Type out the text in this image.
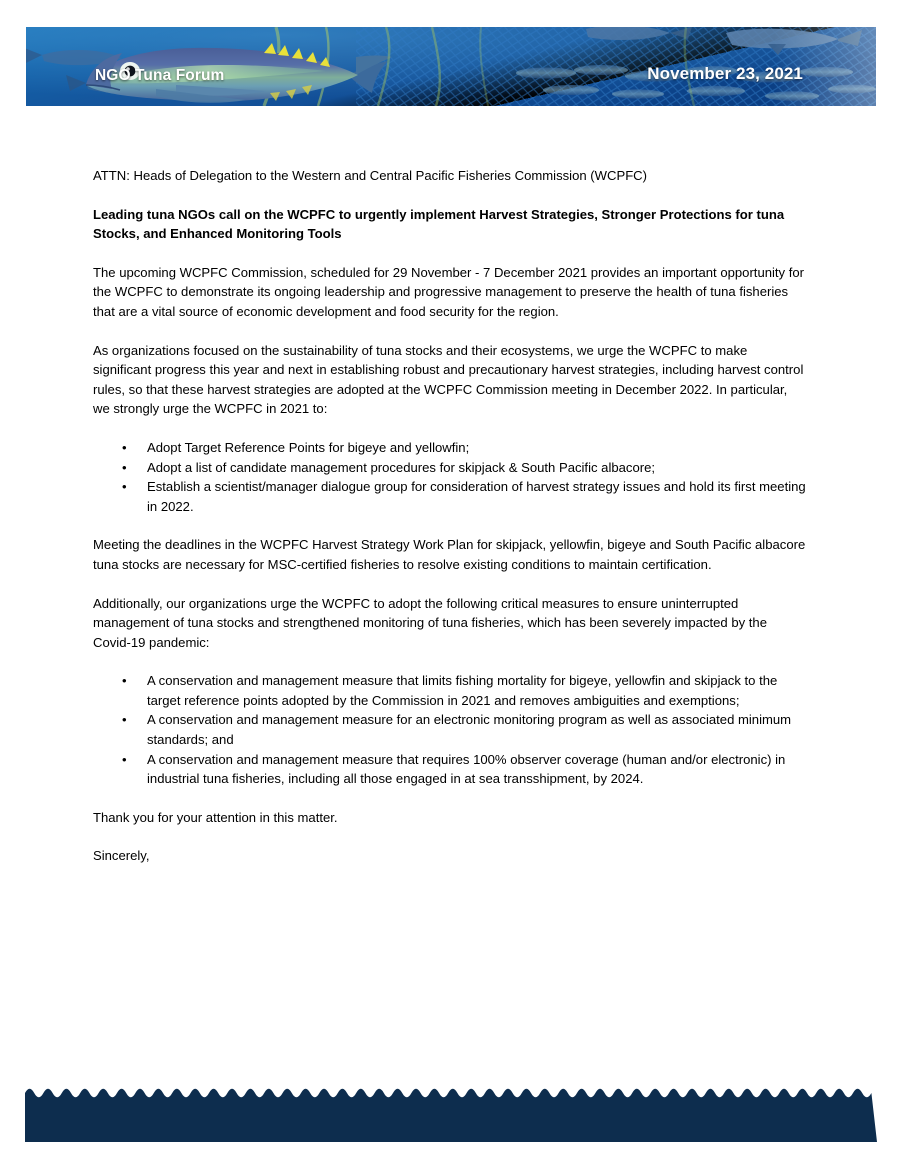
NGO Tuna Forum	November 23, 2021

ATTN: Heads of Delegation to the Western and Central Pacific Fisheries Commission (WCPFC)

Leading tuna NGOs call on the WCPFC to urgently implement Harvest Strategies, Stronger Protections for tuna Stocks, and Enhanced Monitoring Tools

The upcoming WCPFC Commission, scheduled for 29 November - 7 December 2021 provides an important opportunity for the WCPFC to demonstrate its ongoing leadership and progressive management to preserve the health of tuna fisheries that are a vital source of economic development and food security for the region.

As organizations focused on the sustainability of tuna stocks and their ecosystems, we urge the WCPFC to make significant progress this year and next in establishing robust and precautionary harvest strategies, including harvest control rules, so that these harvest strategies are adopted at the WCPFC Commission meeting in December 2022. In particular, we strongly urge the WCPFC in 2021 to:

• Adopt Target Reference Points for bigeye and yellowfin;
• Adopt a list of candidate management procedures for skipjack & South Pacific albacore;
• Establish a scientist/manager dialogue group for consideration of harvest strategy issues and hold its first meeting in 2022.

Meeting the deadlines in the WCPFC Harvest Strategy Work Plan for skipjack, yellowfin, bigeye and South Pacific albacore tuna stocks are necessary for MSC-certified fisheries to resolve existing conditions to maintain certification.

Additionally, our organizations urge the WCPFC to adopt the following critical measures to ensure uninterrupted management of tuna stocks and strengthened monitoring of tuna fisheries, which has been severely impacted by the Covid-19 pandemic:

• A conservation and management measure that limits fishing mortality for bigeye, yellowfin and skipjack to the target reference points adopted by the Commission in 2021 and removes ambiguities and exemptions;
• A conservation and management measure for an electronic monitoring program as well as associated minimum standards; and
• A conservation and management measure that requires 100% observer coverage (human and/or electronic) in industrial tuna fisheries, including all those engaged in at sea transshipment, by 2024.

Thank you for your attention in this matter.

Sincerely,
